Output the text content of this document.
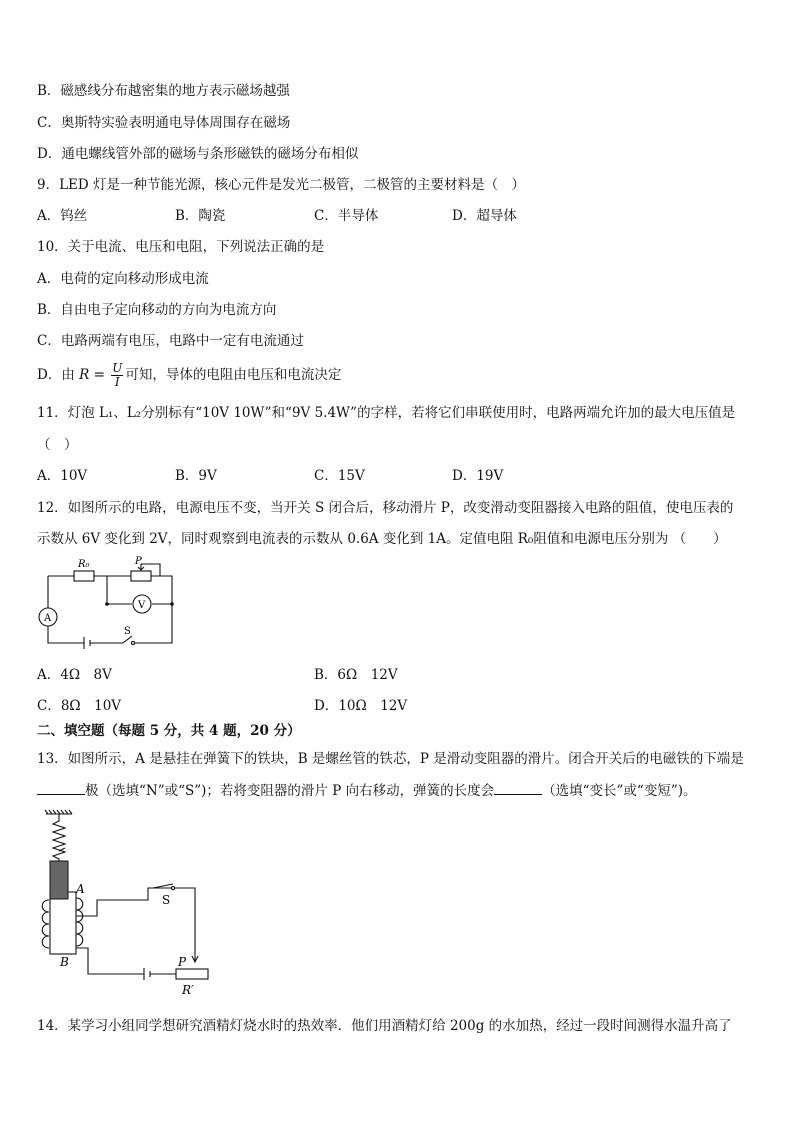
B．磁感线分布越密集的地方表示磁场越强
C．奥斯特实验表明通电导体周围存在磁场
D．通电螺线管外部的磁场与条形磁铁的磁场分布相似
9．LED 灯是一种节能光源，核心元件是发光二极管，二极管的主要材料是（　）
A．钨丝	B．陶瓷	C．半导体	D．超导体
10．关于电流、电压和电阻，下列说法正确的是
A．电荷的定向移动形成电流
B．自由电子定向移动的方向为电流方向
C．电路两端有电压，电路中一定有电流通过
D．由 $R = \frac{U}{I}$ 可知，导体的电阻由电压和电流决定
11．灯泡 L₁、L₂分别标有“10V 10W”和“9V 5.4W”的字样，若将它们串联使用时，电路两端允许加的最大电压值是
（　）
A．10V	B．9V	C．15V	D．19V
12．如图所示的电路，电源电压不变，当开关 S 闭合后，移动滑片 P，改变滑动变阻器接入电路的阻值，使电压表的
示数从 6V 变化到 2V，同时观察到电流表的示数从 0.6A 变化到 1A。定值电阻 R₀阻值和电源电压分别为 （　　）
R₀	P
V
A
S
A．4Ω　8V	B．6Ω　12V
C．8Ω　10V	D．10Ω　12V
二、填空题（每题 5 分，共 4 题，20 分）
13．如图所示，A 是悬挂在弹簧下的铁块，B 是螺丝管的铁芯，P 是滑动变阻器的滑片。闭合开关后的电磁铁的下端是
极（选填“N”或“S”)；若将变阻器的滑片 P 向右移动，弹簧的长度会	（选填“变长”或“变短”)。
A
B
S
P
R′
14．某学习小组同学想研究酒精灯烧水时的热效率．他们用酒精灯给 200g 的水加热，经过一段时间测得水温升高了
